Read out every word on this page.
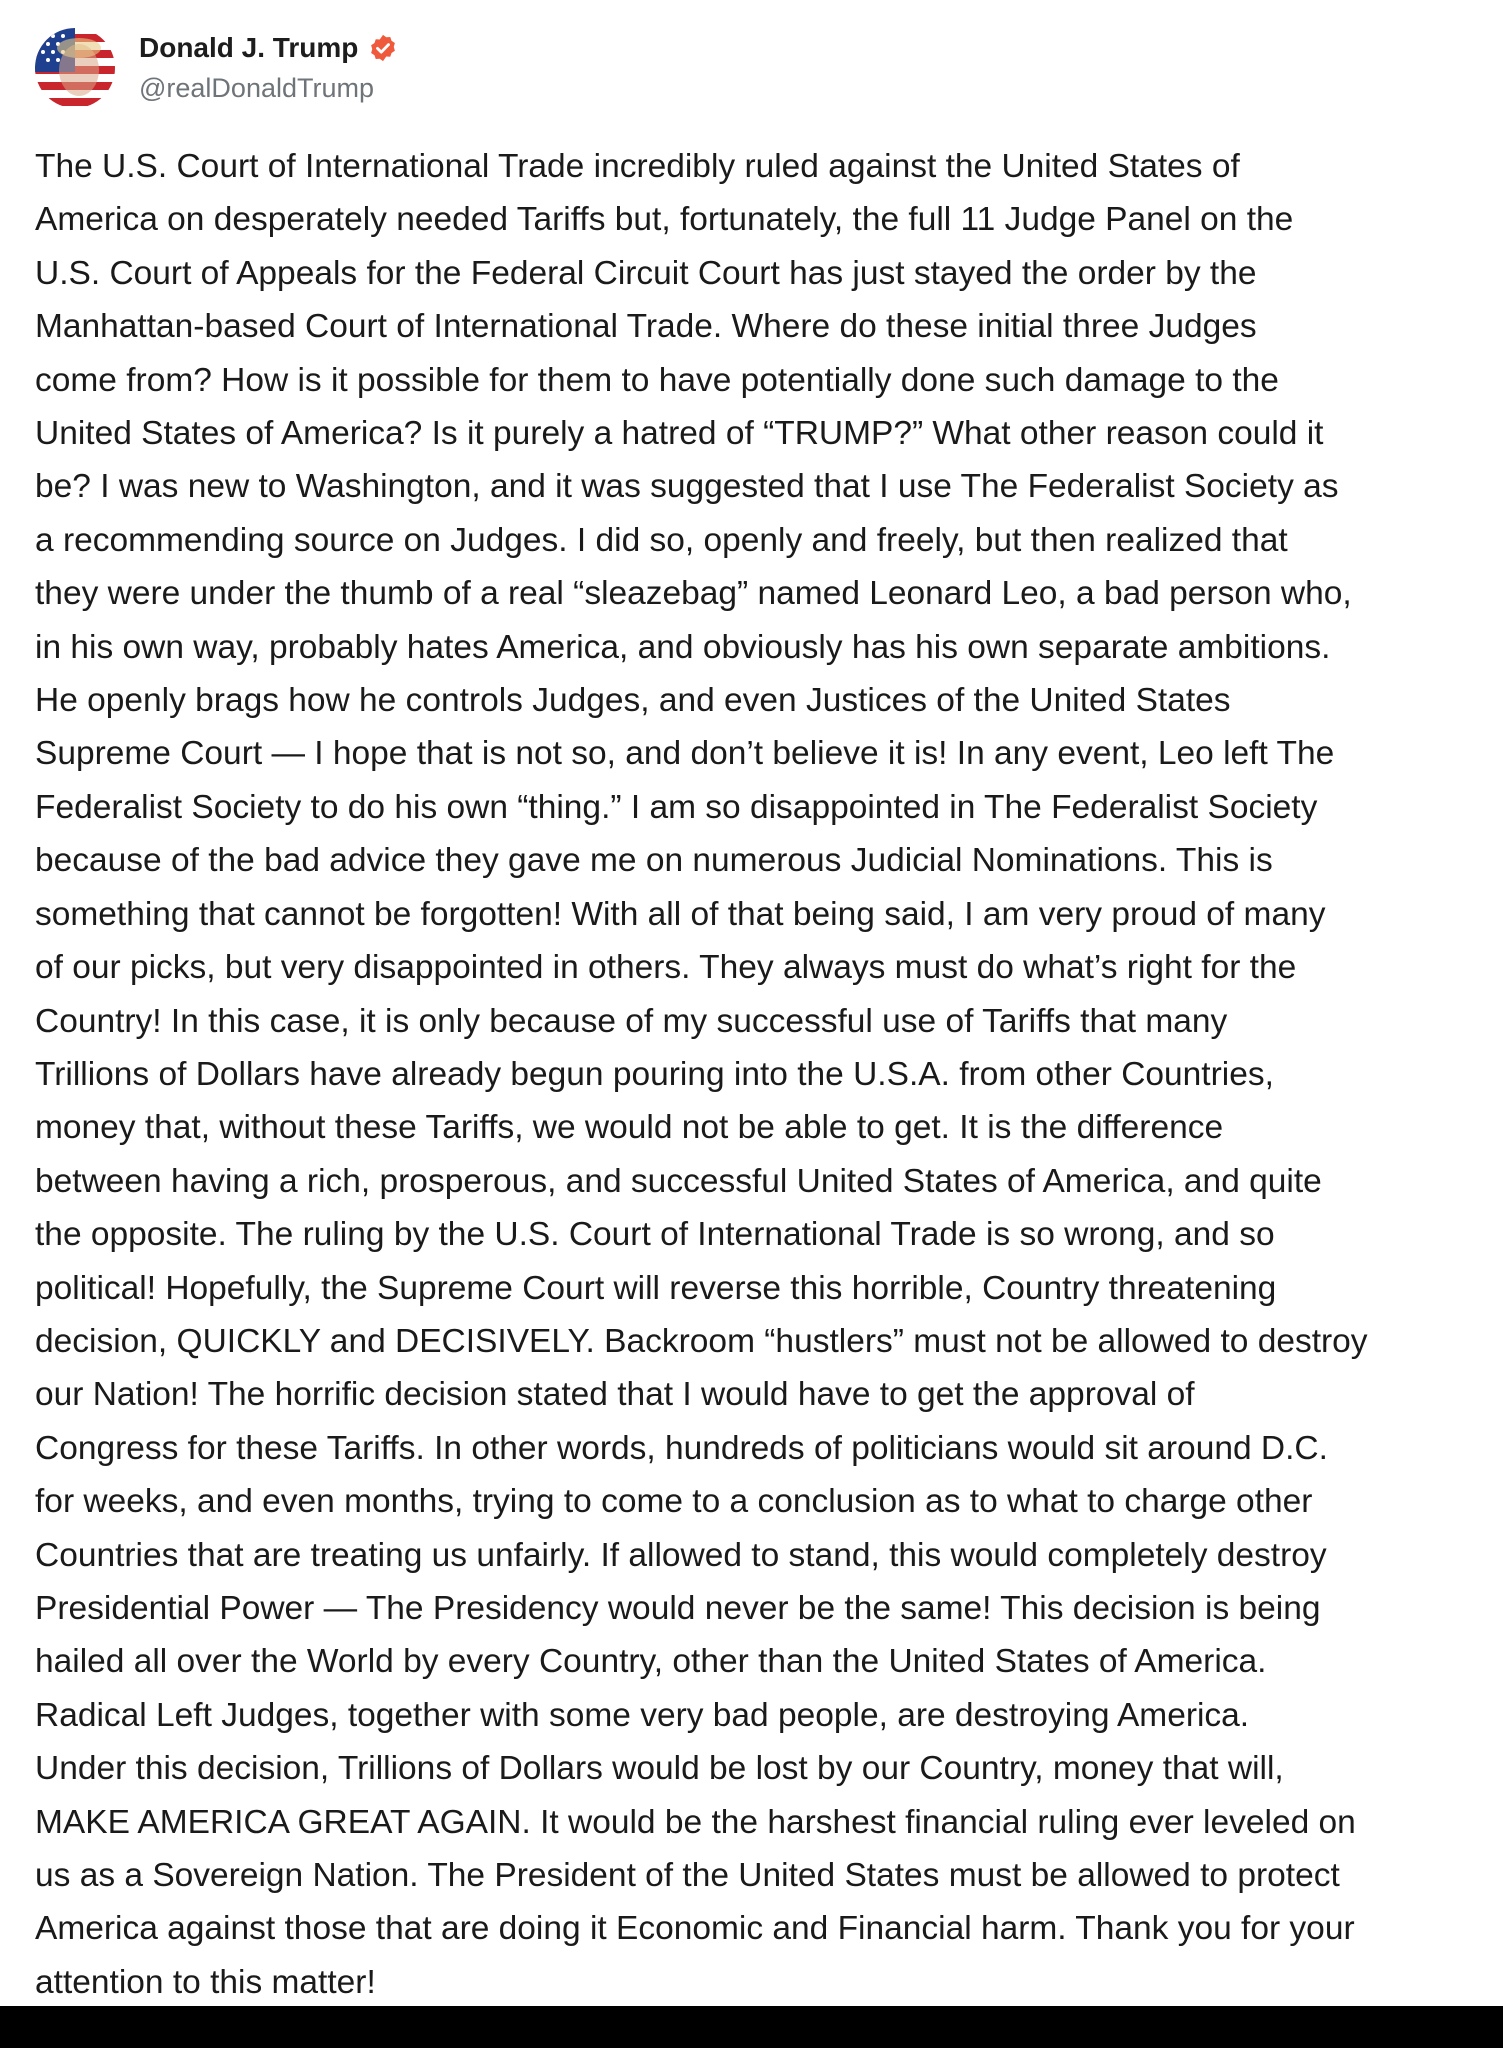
Donald J. Trump
@realDonaldTrump
The U.S. Court of International Trade incredibly ruled against the United States of
America on desperately needed Tariffs but, fortunately, the full 11 Judge Panel on the
U.S. Court of Appeals for the Federal Circuit Court has just stayed the order by the
Manhattan-based Court of International Trade. Where do these initial three Judges
come from? How is it possible for them to have potentially done such damage to the
United States of America? Is it purely a hatred of “TRUMP?” What other reason could it
be? I was new to Washington, and it was suggested that I use The Federalist Society as
a recommending source on Judges. I did so, openly and freely, but then realized that
they were under the thumb of a real “sleazebag” named Leonard Leo, a bad person who,
in his own way, probably hates America, and obviously has his own separate ambitions.
He openly brags how he controls Judges, and even Justices of the United States
Supreme Court — I hope that is not so, and don’t believe it is! In any event, Leo left The
Federalist Society to do his own “thing.” I am so disappointed in The Federalist Society
because of the bad advice they gave me on numerous Judicial Nominations. This is
something that cannot be forgotten! With all of that being said, I am very proud of many
of our picks, but very disappointed in others. They always must do what’s right for the
Country! In this case, it is only because of my successful use of Tariffs that many
Trillions of Dollars have already begun pouring into the U.S.A. from other Countries,
money that, without these Tariffs, we would not be able to get. It is the difference
between having a rich, prosperous, and successful United States of America, and quite
the opposite. The ruling by the U.S. Court of International Trade is so wrong, and so
political! Hopefully, the Supreme Court will reverse this horrible, Country threatening
decision, QUICKLY and DECISIVELY. Backroom “hustlers” must not be allowed to destroy
our Nation! The horrific decision stated that I would have to get the approval of
Congress for these Tariffs. In other words, hundreds of politicians would sit around D.C.
for weeks, and even months, trying to come to a conclusion as to what to charge other
Countries that are treating us unfairly. If allowed to stand, this would completely destroy
Presidential Power — The Presidency would never be the same! This decision is being
hailed all over the World by every Country, other than the United States of America.
Radical Left Judges, together with some very bad people, are destroying America.
Under this decision, Trillions of Dollars would be lost by our Country, money that will,
MAKE AMERICA GREAT AGAIN. It would be the harshest financial ruling ever leveled on
us as a Sovereign Nation. The President of the United States must be allowed to protect
America against those that are doing it Economic and Financial harm. Thank you for your
attention to this matter!
